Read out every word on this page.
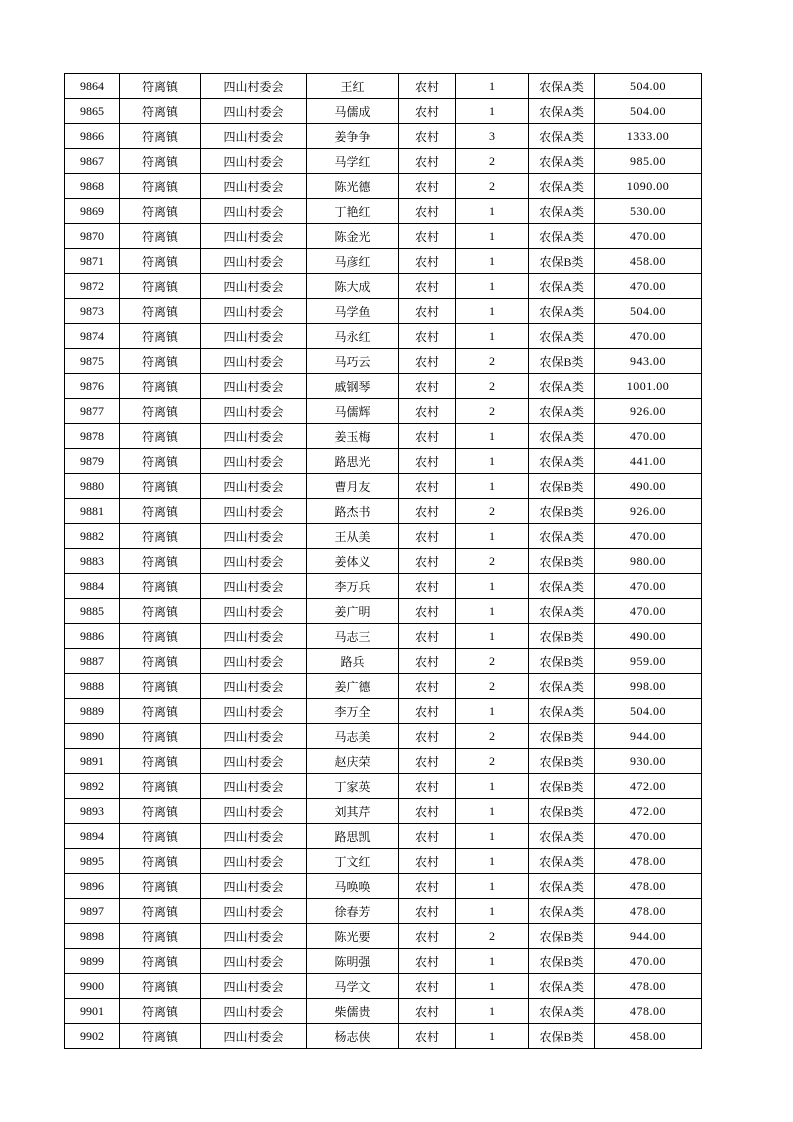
9864	符离镇	四山村委会	王红	农村	1	农保A类	504.00
9865	符离镇	四山村委会	马儒成	农村	1	农保A类	504.00
9866	符离镇	四山村委会	姜争争	农村	3	农保A类	1333.00
9867	符离镇	四山村委会	马学红	农村	2	农保A类	985.00
9868	符离镇	四山村委会	陈光德	农村	2	农保A类	1090.00
9869	符离镇	四山村委会	丁艳红	农村	1	农保A类	530.00
9870	符离镇	四山村委会	陈金光	农村	1	农保A类	470.00
9871	符离镇	四山村委会	马彦红	农村	1	农保B类	458.00
9872	符离镇	四山村委会	陈大成	农村	1	农保A类	470.00
9873	符离镇	四山村委会	马学鱼	农村	1	农保A类	504.00
9874	符离镇	四山村委会	马永红	农村	1	农保A类	470.00
9875	符离镇	四山村委会	马巧云	农村	2	农保B类	943.00
9876	符离镇	四山村委会	戚钢琴	农村	2	农保A类	1001.00
9877	符离镇	四山村委会	马儒辉	农村	2	农保A类	926.00
9878	符离镇	四山村委会	姜玉梅	农村	1	农保A类	470.00
9879	符离镇	四山村委会	路思光	农村	1	农保A类	441.00
9880	符离镇	四山村委会	曹月友	农村	1	农保B类	490.00
9881	符离镇	四山村委会	路杰书	农村	2	农保B类	926.00
9882	符离镇	四山村委会	王从美	农村	1	农保A类	470.00
9883	符离镇	四山村委会	姜体义	农村	2	农保B类	980.00
9884	符离镇	四山村委会	李万兵	农村	1	农保A类	470.00
9885	符离镇	四山村委会	姜广明	农村	1	农保A类	470.00
9886	符离镇	四山村委会	马志三	农村	1	农保B类	490.00
9887	符离镇	四山村委会	路兵	农村	2	农保B类	959.00
9888	符离镇	四山村委会	姜广德	农村	2	农保A类	998.00
9889	符离镇	四山村委会	李万全	农村	1	农保A类	504.00
9890	符离镇	四山村委会	马志美	农村	2	农保B类	944.00
9891	符离镇	四山村委会	赵庆荣	农村	2	农保B类	930.00
9892	符离镇	四山村委会	丁家英	农村	1	农保B类	472.00
9893	符离镇	四山村委会	刘其芹	农村	1	农保B类	472.00
9894	符离镇	四山村委会	路思凯	农村	1	农保A类	470.00
9895	符离镇	四山村委会	丁文红	农村	1	农保A类	478.00
9896	符离镇	四山村委会	马唤唤	农村	1	农保A类	478.00
9897	符离镇	四山村委会	徐春芳	农村	1	农保A类	478.00
9898	符离镇	四山村委会	陈光要	农村	2	农保B类	944.00
9899	符离镇	四山村委会	陈明强	农村	1	农保B类	470.00
9900	符离镇	四山村委会	马学文	农村	1	农保A类	478.00
9901	符离镇	四山村委会	柴儒贵	农村	1	农保A类	478.00
9902	符离镇	四山村委会	杨志侠	农村	1	农保B类	458.00
